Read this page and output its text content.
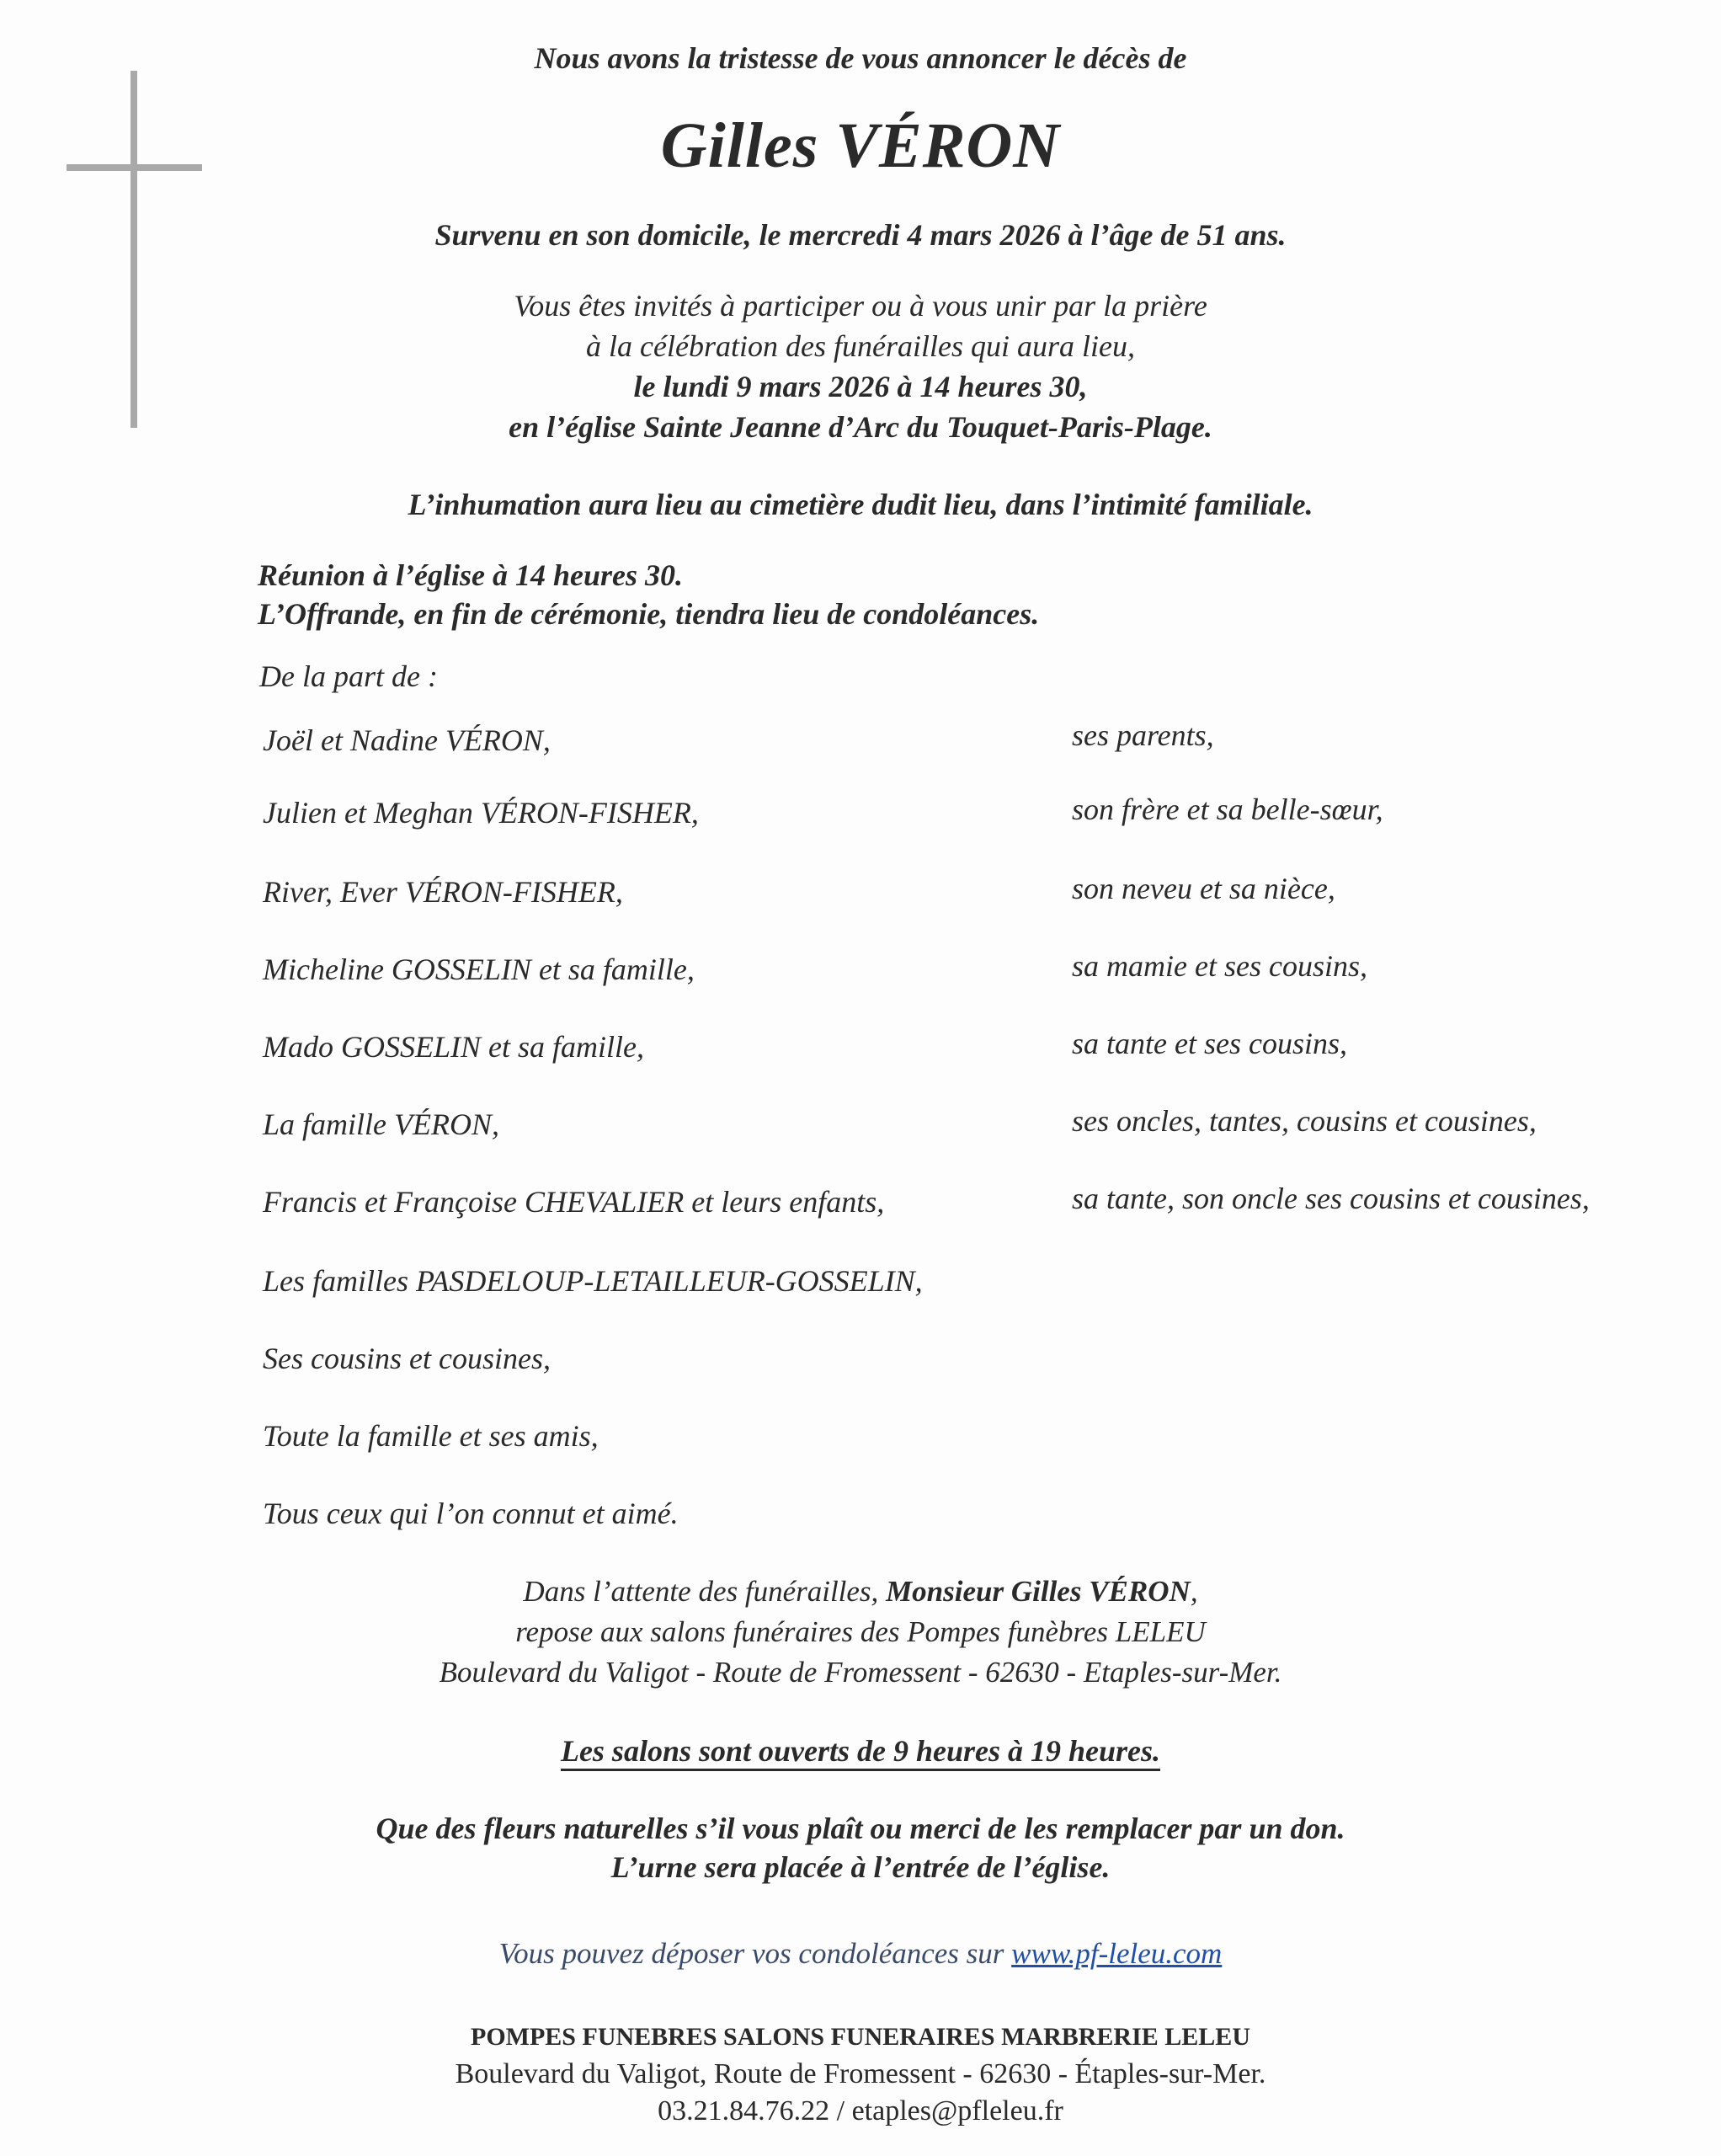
Nous avons la tristesse de vous annoncer le décès de
Gilles VÉRON
Survenu en son domicile, le mercredi 4 mars 2026 à l’âge de 51 ans.
Vous êtes invités à participer ou à vous unir par la prière
à la célébration des funérailles qui aura lieu,
le lundi 9 mars 2026 à 14 heures 30,
en l’église Sainte Jeanne d’Arc du Touquet-Paris-Plage.
L’inhumation aura lieu au cimetière dudit lieu, dans l’intimité familiale.
Réunion à l’église à 14 heures 30.
L’Offrande, en fin de cérémonie, tiendra lieu de condoléances.
De la part de :
Joël et Nadine VÉRON,	ses parents,
Julien et Meghan VÉRON-FISHER,	son frère et sa belle-sœur,
River, Ever VÉRON-FISHER,	son neveu et sa nièce,
Micheline GOSSELIN et sa famille,	sa mamie et ses cousins,
Mado GOSSELIN et sa famille,	sa tante et ses cousins,
La famille VÉRON,	ses oncles, tantes, cousins et cousines,
Francis et Françoise CHEVALIER et leurs enfants,	sa tante, son oncle ses cousins et cousines,
Les familles PASDELOUP-LETAILLEUR-GOSSELIN,
Ses cousins et cousines,
Toute la famille et ses amis,
Tous ceux qui l’on connut et aimé.
Dans l’attente des funérailles, Monsieur Gilles VÉRON,
repose aux salons funéraires des Pompes funèbres LELEU
Boulevard du Valigot - Route de Fromessent - 62630 - Etaples-sur-Mer.
Les salons sont ouverts de 9 heures à 19 heures.
Que des fleurs naturelles s’il vous plaît ou merci de les remplacer par un don.
L’urne sera placée à l’entrée de l’église.
Vous pouvez déposer vos condoléances sur www.pf-leleu.com
POMPES FUNEBRES SALONS FUNERAIRES MARBRERIE LELEU
Boulevard du Valigot, Route de Fromessent - 62630 - Étaples-sur-Mer.
03.21.84.76.22 / etaples@pfleleu.fr
